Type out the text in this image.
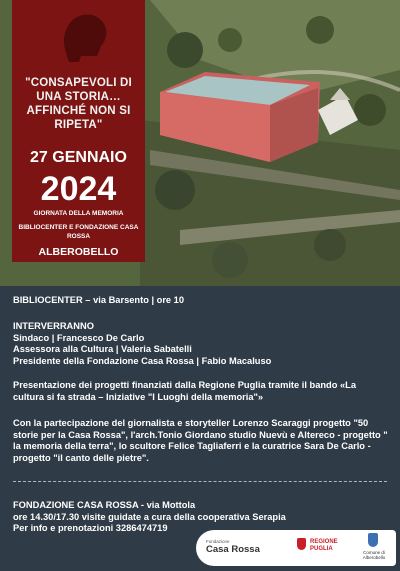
"CONSAPEVOLI DI UNA STORIA… AFFINCHÉ NON SI RIPETA"
27 GENNAIO
2024
GIORNATA DELLA MEMORIA
BIBLIOCENTER E FONDAZIONE CASA ROSSA
ALBEROBELLO
BIBLIOCENTER – via Barsento | ore 10
INTERVERRANNO
Sindaco | Francesco De Carlo
Assessora alla Cultura | Valeria Sabatelli
Presidente della Fondazione Casa Rossa | Fabio Macaluso
Presentazione dei progetti finanziati dalla Regione Puglia tramite il bando «La cultura si fa strada – Iniziative "I Luoghi della memoria"»
Con la partecipazione del giornalista e storyteller Lorenzo Scaraggi progetto "50 storie per la Casa Rossa", l'arch.Tonio Giordano studio Nuevù e Altereco - progetto " la memoria della terra", lo scultore Felice Tagliaferri e la curatrice Sara De Carlo - progetto "il canto delle pietre".
FONDAZIONE CASA ROSSA - via Mottola
ore 14.30/17.30 visite guidate a cura della cooperativa Serapia
Per info e prenotazioni 3286474719
Fondazione
Casa Rossa
REGIONE
PUGLIA
Comune di Alberobello
